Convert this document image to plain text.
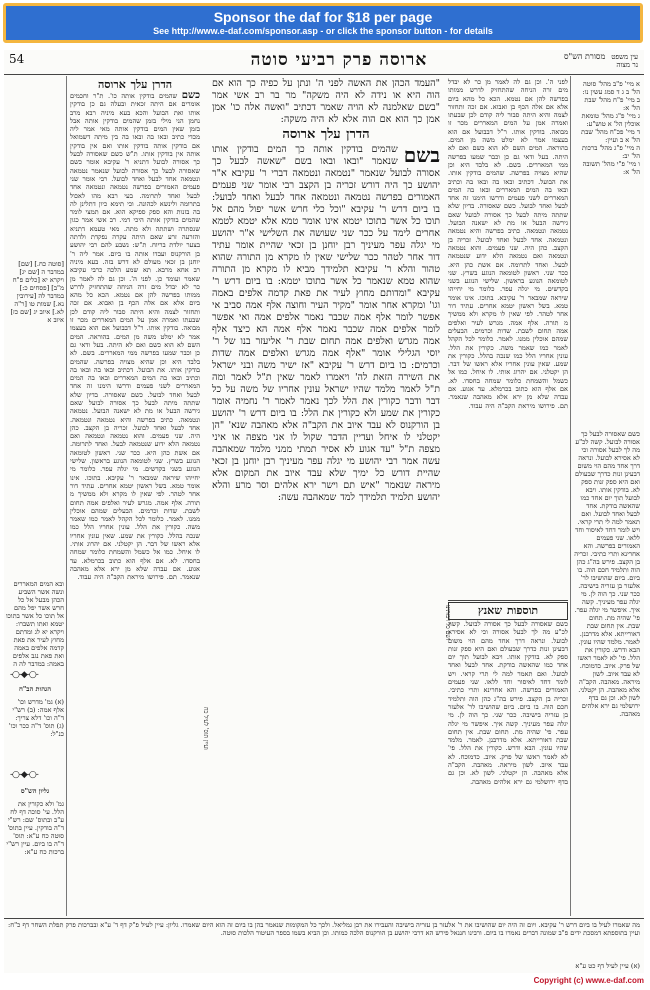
Sponsor the daf for $18 per page
See http://www.e-daf.com/sponsor.asp - or click the sponsor button - for details
54	ארוסה פרק רביעי סוטה	מסורת הש"ס
[סוטה כח.] [שם] במדבר ה [שם יג] ויקרא יא [כלים פ"ח מ"ב] [פסחים כ:] במדבר לה [עירובין נא.] שמות טו [ר"ה לא.] איוב יג [שם כז] איוב א
ובא המים המאררים ונשה אשר השביע הכהן מבעל אל כל חרש אשר יפל מהם אל תוכו כל אשר בתוכו יטמא ואתו תשברו: ויקרא יא לג ומדתם מחוץ לעיר את פאת קדמה אלפים באמה ואת פאת נגב אלפים באמה: במדבר לה ה
-○-◆-○-
הגהות הב"ח
(א) גמ' מדרש וכו' אלף אמה: (ב) רש"י ד"ה וכו' דלא צריך: (ג) תוס' ד"ה ככר וכו' כנ"ל:
-○-◆-○-
גליון הש"ס
גמ' ולא כקורין את הלל. עי' סוכה דף לח ע"ב ובתוס' שם: רש"י ד"ה בודקין. עיין בתוס' סוטה כח ע"א: תוס' ד"ה בו ביום. עיין רש"י ברכות כח ע"א:
הדרן עלך ארוסה
כשם שהמים בודקין אותה כו'. ת"ר וחכמים אומרים אם היתה זכאית ובעלה גם כן בודקין אותו ואת הבועל והכא בעא מיניה רבא מרב נחמן הני מילי בזמן שהמים בודקין אותה אבל בזמן שאין המים בודקין אותה מאי אמר ליה מכדי כתיב ובאו בה ובאו בה בין מיתה דשמואל אם בודקין אותה בודקין אותו ואם אין בודקין אותה אין בודקין אותו. ת"ש כשם שאסורה לבעל כך אסורה לבועל דתניא ר' עקיבא אומר כשם שאסורה לבעל כך אסורה לבועל שנאמר נטמאה ונטמאה אחד לבעל ואחד לבועל. רבי אומר שני פעמים האמורים בפרשה נטמאה ונטמאה אחד לבעל ואחד לתרומה. בעי רבא מהו לאכול בתרומה ולינשא לכהונה. וכי תימא כיון דתלינן לה בה בזנות והא ספק ספיקא הוא. אם תמצי לומר שהמים בודקין אותה היכי דמי. רב אשי אמר כגון שנסתרה ושתתה ולא מתה. מאי טעמא דתניא והזרעה זרע שאם היתה עקרה נפקדת ולדתה בצער יולדת בריוח. ת"ש: נשבע להם רבי יהושע בן הורקנוס ועבדו אותה בו ביום. אמר ליה ר' יוחנן בן זכאי מעולם לא דרש בזה. בעא מיניה רב אחא מרבא. תא שמע הלכה כרבי עקיבא שאמר ועומד כן. לפני ה'. וכן גם לה לאמר מן כר לא יבדל מים זרה הניחה שהתחזיק לדרש ממותו בפרשה להן אם נטמא. הכא כל מהא ביום אלא אם אלה הכף בן ואבוא. אם זכה ותחזור לצמה והיא היתה סבור ליה קודם לכן שבעתו ואמרה אמן על המים המאררים מכר זו מבואה. בודקין אותו. ר"ל דבבועל אם הוא בעצמו אמר לא ימלט משה מן המים. בהוראה. המים השם לא הוא כשם ואם לא היתה. בעל ודאי גם כן וכבר שמעו בפרשה ממי המאררים. בשם. לא בלבד היא וכן שהיא מצויה בפרשה. שהמים בודקין אותו. את הבועל. דכתיב ובאו בה ובאו בה וכתיב ובאו בה המים המאררים ובאו בה המים המאררים לשני פעמים ודרשו הימנו זה אחד לבעל ואחד לבועל. כשם שאסורה. בדיון שלא שתתה מיתה לבעל כך אסורה לבועל שאם גירשה הבעל או מת לא ישאנה הבועל. נטמאה ונטמאה. כתיב בפרשה והיא נטמאה ונטמאה. אחד לבעל ואחד לבועל. זכריה בן הקצב. כהן היה. שני פעמים. והוא נטמאה ונטמאה ואם נטמאה הלא ידוע שנטמאה לבעל. ואחד לתרומה. אם אשת כהן היא. ככר שני. ראשון לטומאה הנוגע בשרץ. שני לטומאה הנוגע בראשון. שלישי הנוגע בשני בקדשים. מי יגלה עפר. כלומר מי יחייהו שיראה שמבאר ר' עקיבא. בתוכו. אינו אומר טמא. בשל ראשון יטמא אחרים. עתיד דור אחר לטהר. לפי שאין לו מקרא ולא ממשיך מ תורה. אלף אמה. מגרש לעיר ואלפים אמה תחום לשבת. שדות וכרמים. הבעלים שמהם אוכלין ממנו. לאמר. כלומר לכל הקהל לאמר כמו שאמר משה. כקורין את הלל. עונין אחריו הלל כמו שנכה בהלל. כקורין את שמע. שאין עונין אחריו אלא ראשו של דבר. הן יקטלני. אם יהרוג אותי. לו איחל. כמו אל כשמל והשמחת כלומר שמחה בחסדו. לא. אם אלף הוא כתוב בכרמלא. עד אגוע. אם עבדה שלא מן ירא אלא מאהבה שנאמר. תם. פירושו מיראת הקב"ה היה עבוד.
ועיין תוס' לעיל כח
ושם כל רבותינו
"העמד הכהן את האשה לפני ה' ונתן על כפיה כך הוא אם הוה היא או נידה לא היה משקה" מר בר רב אשי אמר "בשם שאלמנה לא הויה שאמר דכתיב "ואשה אלה כו' אמן אמן כך הוא אם הוה אלא לא היה משקה:
הדרן עלך ארוסה
בשם
שהמים בודקין אותה כך המים בודקין אותו שנאמר "ובאו ובאו בשם "שאשה לבעל כך אסורה לבועל שנאמר "נטמאה ונטמאה דברי ר' עקיבא א"ר יהושע כך היה דורש זכריה בן הקצב רבי אומר שני פעמים האמורים בפרשה נטמאה ונטמאה אחד לבעל ואחד לבועל: בו ביום דרש ר' עקיבא "וכל כלי חרש אשר יפול מהם אל תוכו כל אשר בתוכו יטמא אינו אומר טמא אלא יטמא לטמא אחרים לימד על ככר שני שעושה את השלישי א"ר יהושע מי יגלה עפר מעיניך רבן יוחנן בן זכאי שהיית אומר עתיד דור אחר לטהר ככר שלישי שאין לו מקרא מן התורה שהוא טהור והלא ר' עקיבא תלמידך מביא לו מקרא מן התורה שהוא טמא שנאמר כל אשר בתוכו יטמא: בו ביום דרש ר' עקיבא "ומדותם מחוץ לעיר את פאת קדמה אלפים באמה וגו' ומקרא אחר אומר "מקיר העיר וחוצה אלף אמה סביב אי אפשר לומר אלף אמה שכבר נאמר אלפים אמה ואי אפשר לומר אלפים אמה שכבר נאמר אלף אמה הא כיצד אלף אמה מגרש ואלפים אמה תחום שבת ר' אליעזר בנו של ר' יוסי הגלילי אומר "אלף אמה מגרש ואלפים אמה שדות וכרמים: בו ביום דרש ר' עקיבא "אז ישיר משה ובני ישראל את השירה הזאת לה' ויאמרו לאמר שאין ת"ל לאמר ומה ת"ל לאמר מלמד שהיו ישראל עונין אחריו של משה על כל דבר ודבר כקורין את הלל לכך נאמר לאמר ר' נחמיה אומר כקורין את שמע ולא כקורין את הלל: בו ביום דרש ר' יהושע בן הורקנוס לא עבד איוב את הקב"ה אלא מאהבה שנא' "הן יקטלני לו איחל ועדיין הדבר שקול לו אני מצפה או איני מצפה ת"ל "עד אגוע לא אסיר תמתי ממני מלמד שמאהבה עשה אמר רבי יהושע מי יגלה עפר מעיניך רבן יוחנן בן זכאי שהיית דורש כל ימיך שלא עבד איוב את המקום אלא מיראה שנאמר "איש תם וישר ירא אלהים וסר מרע והלא יהושע תלמיד תלמידך למד שמאהבה עשה:
לפני ה'. וכן גם לה לאמר מן כר לא יבדל מים זרה הניחה שהתחזיק לדרש ממותו בפרשה להן אם נטמא. הכא כל מהא ביום אלא אם אלה הכף בן ואבוא. אם זכה ותחזור לצמה והיא היתה סבור ליה קודם לכן שבעתו ואמרה אמן על המים המאררים מכר זו מבואה. בודקין אותו. ר"ל דבבועל אם הוא בעצמו אמר לא ימלט משה מן המים. בהוראה. המים השם לא הוא כשם ואם לא היתה. בעל ודאי גם כן וכבר שמעו בפרשה ממי המאררים. בשם. לא בלבד היא וכן שהיא מצויה בפרשה. שהמים בודקין אותו. את הבועל. דכתיב ובאו בה ובאו בה וכתיב ובאו בה המים המאררים ובאו בה המים המאררים לשני פעמים ודרשו הימנו זה אחד לבעל ואחד לבועל. כשם שאסורה. בדיון שלא שתתה מיתה לבעל כך אסורה לבועל שאם גירשה הבעל או מת לא ישאנה הבועל. נטמאה ונטמאה. כתיב בפרשה והיא נטמאה ונטמאה. אחד לבעל ואחד לבועל. זכריה בן הקצב. כהן היה. שני פעמים. והוא נטמאה ונטמאה ואם נטמאה הלא ידוע שנטמאה לבעל. ואחד לתרומה. אם אשת כהן היא. ככר שני. ראשון לטומאה הנוגע בשרץ. שני לטומאה הנוגע בראשון. שלישי הנוגע בשני בקדשים. מי יגלה עפר. כלומר מי יחייהו שיראה שמבאר ר' עקיבא. בתוכו. אינו אומר טמא. בשל ראשון יטמא אחרים. עתיד דור אחר לטהר. לפי שאין לו מקרא ולא ממשיך מ תורה. אלף אמה. מגרש לעיר ואלפים אמה תחום לשבת. שדות וכרמים. הבעלים שמהם אוכלין ממנו. לאמר. כלומר לכל הקהל לאמר כמו שאמר משה. כקורין את הלל. עונין אחריו הלל כמו שנכה בהלל. כקורין את שמע. שאין עונין אחריו אלא ראשו של דבר. הן יקטלני. אם יהרוג אותי. לו איחל. כמו אל כשמל והשמחת כלומר שמחה בחסדו. לא. אם אלף הוא כתוב בכרמלא. עד אגוע. אם עבדה שלא מן ירא אלא מאהבה שנאמר. תם. פירושו מיראת הקב"ה היה עבוד.
תוספות שאנץ
כשם שאסורה לבעל כך אסורה לבועל. קשה לכ"ע מה לך לבעל אסורה וכי לא אסירא לבועל. ונראה דרך אחד מהם הוי משום דבעינן זנות כדרך שבעולם ואם היא ספק זנות ספק לא. בודקין אותו. ויבא לבועל תוך יום אחד כמו שהאשה בודקת. אחד לבעל ואחד לבועל. ואם תאמר למה לי תרי קראי. ויש לומר דחד לאיסור וחד ללאו. שני פעמים האמורים בפרשה. והא אחרינא ותרי כתיבי. זכריה בן הקצב. פירש בה"ג כהן הוה ותלמיד חכם הוה. בו ביום. ביום שהושיבו לר' אלעזר בן עזריה בישיבה. ככר שני. כך הוה לן. מי יגלה עפר מעיניך. קשה איך. איפשר מי יגלה עפר. פי' שהיה מת. תחום שבת. אין תחום שבת דאורייתא. אלא מדרבנן. לאמר. מלמד שהיו עונין. הבא ודרש. כקורין את הלל. פי' לא לאמר ראשו של פרק. איוב. כדמוכח. לא עבד איוב. לשון מיראה. מאהבה. הקב"ה אלא מאהבה. הן יקטלני. לשון לא. וכן גם בדף ירושלמי גם ירא אלהים מאהבה.
עין משפט
נר מצוה
א מיי' פ"ב מהל' סוטה הל' ב ג ד סמג עשין נו:
ב מיי' פ"ח מהל' שבת הל' א:
ג מיי' פ"ג מהל' טומאת אוכלין הל' א טוש"ע:
ד מיי' פכ"ח מהל' שבת הל' א ב ועיין:
ה מיי' פ"ג מהל' ברכות הל' יב:
ו מיי' פ"י מהל' תשובה הל' א:
כשם שאסורה לבעל כך אסורה לבועל. קשה לכ"ע מה לך לבעל אסורה וכי לא אסירא לבועל. ונראה דרך אחד מהם הוי משום דבעינן זנות כדרך שבעולם ואם היא ספק זנות ספק לא. בודקין אותו. ויבא לבועל תוך יום אחד כמו שהאשה בודקת. אחד לבעל ואחד לבועל. ואם תאמר למה לי תרי קראי. ויש לומר דחד לאיסור וחד ללאו. שני פעמים האמורים בפרשה. והא אחרינא ותרי כתיבי. זכריה בן הקצב. פירש בה"ג כהן הוה ותלמיד חכם הוה. בו ביום. ביום שהושיבו לר' אלעזר בן עזריה בישיבה. ככר שני. כך הוה לן. מי יגלה עפר מעיניך. קשה איך. איפשר מי יגלה עפר. פי' שהיה מת. תחום שבת. אין תחום שבת דאורייתא. אלא מדרבנן. לאמר. מלמד שהיו עונין. הבא ודרש. כקורין את הלל. פי' לא לאמר ראשו של פרק. איוב. כדמוכח. לא עבד איוב. לשון מיראה. מאהבה. הקב"ה אלא מאהבה. הן יקטלני. לשון לא. וכן גם בדף ירושלמי גם ירא אלהים מאהבה.
מה שאמרו לעיל בו ביום דרש ר' עקיבא. ויום זה היה יום שהושיבו את ר' אלעזר בן עזריה בישיבה והעבירו את רבן גמליאל. ולכך כל המקומות שנאמר בהן בו ביום זה הוא היום שאמרו. גליון: עיין לעיל פ"ק דף ד' ע"א ובברכות פרק תפלת השחר דף כ"ח: ועיין בתוספתא דמסכת ידים פ"ב שמונה דברים נאמרו בו ביום. ורבינו חננאל פירש הא דרבי יהושע בן הורקנוס הלכה כמותו. וכן הביא בשמו בספר העיטור הלכות סוטה.
(א) עיין לעיל דף כט ע"א
Copyright (c) www.e-daf.com
